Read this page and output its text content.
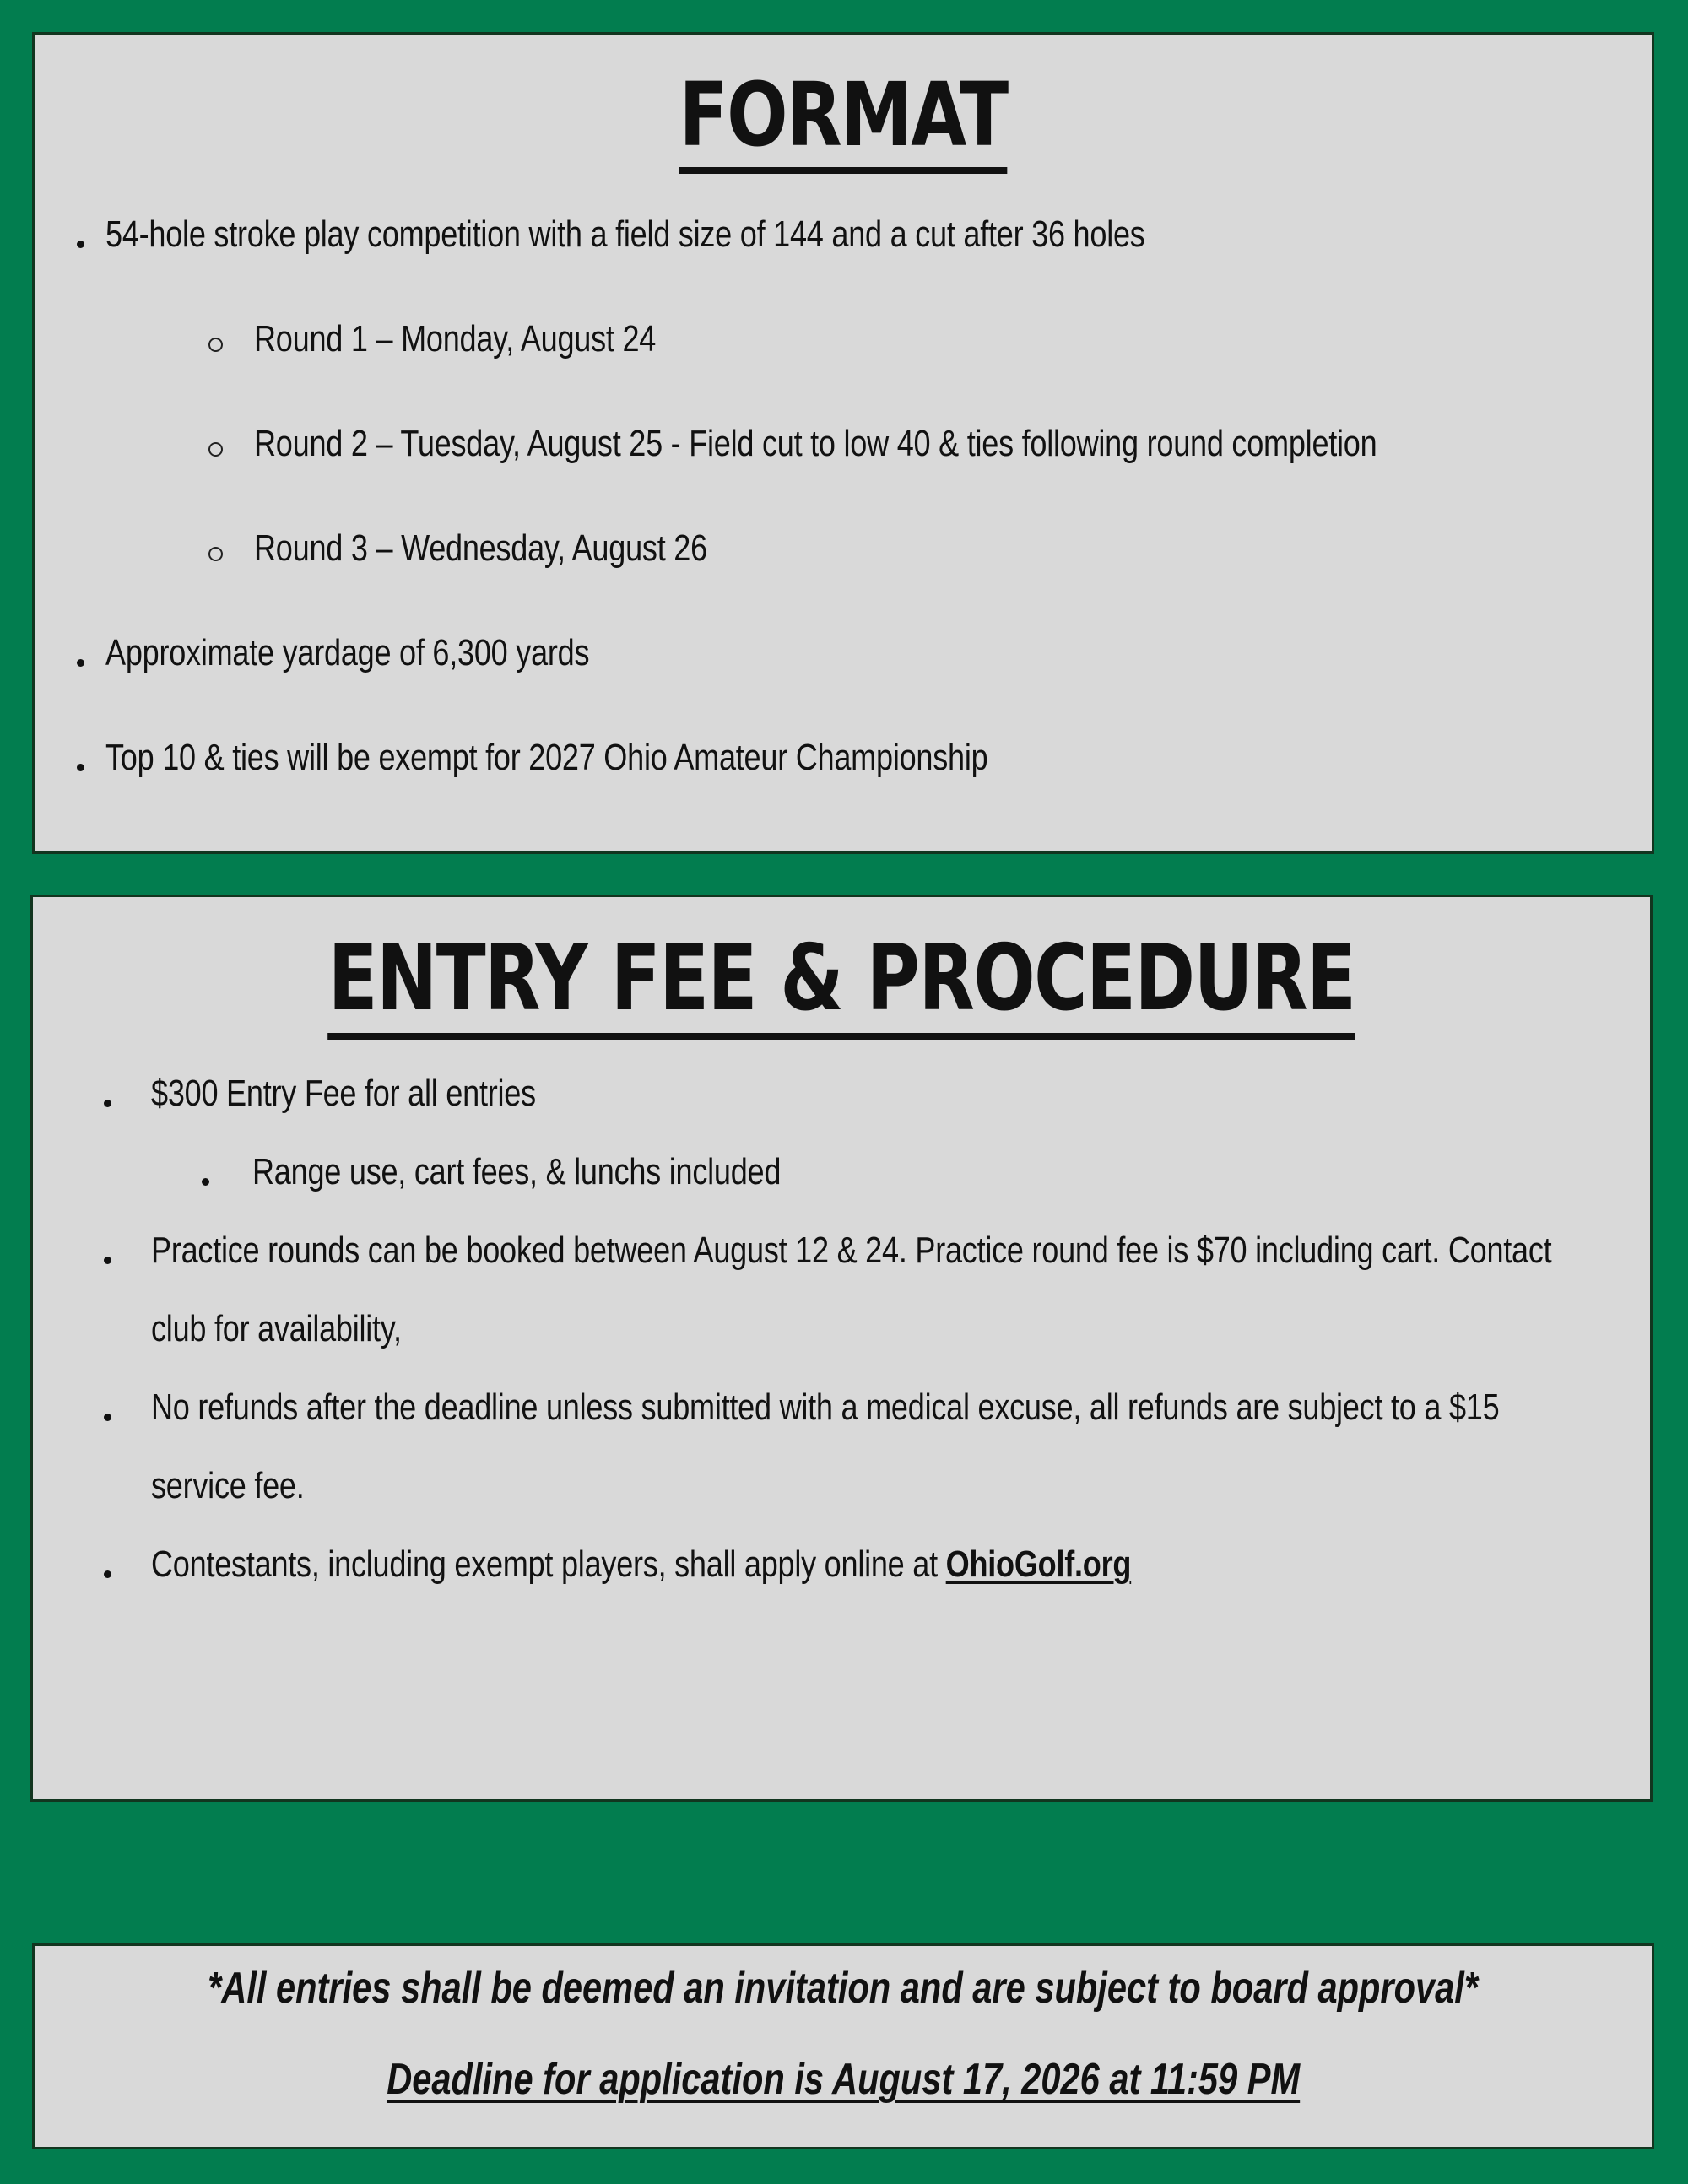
FORMAT
54-hole stroke play competition with a field size of 144 and a cut after 36 holes
Round 1 – Monday, August 24
Round 2 – Tuesday, August 25 - Field cut to low 40 & ties following round completion
Round 3 – Wednesday, August 26
Approximate yardage of 6,300 yards
Top 10 & ties will be exempt for 2027 Ohio Amateur Championship
ENTRY FEE & PROCEDURE
$300 Entry Fee for all entries
Range use, cart fees, & lunchs included
Practice rounds can be booked between August 12 & 24. Practice round fee is $70 including cart. Contact
club for availability,
No refunds after the deadline unless submitted with a medical excuse, all refunds are subject to a $15
service fee.
Contestants, including exempt players, shall apply online at OhioGolf.org
*All entries shall be deemed an invitation and are subject to board approval*
Deadline for application is August 17, 2026 at 11:59 PM
